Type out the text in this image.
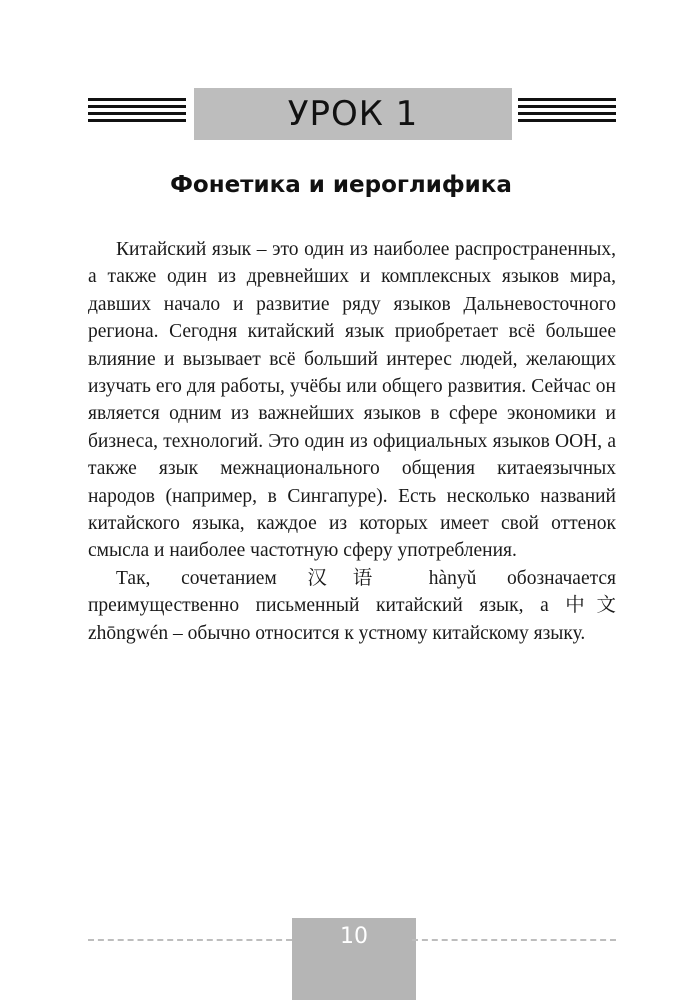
УРОК 1
Фонетика и иероглифика

Китайский язык – это один из наиболее распространенных, а также один из древнейших и комплексных языков мира, давших начало и развитие ряду языков Дальневосточного региона. Сегодня китайский язык приобретает всё большее влияние и вызывает всё больший интерес людей, желающих изучать его для работы, учёбы или общего развития. Сейчас он является одним из важнейших языков в сфере экономики и бизнеса, технологий. Это один из официальных языков ООН, а также язык межнационального общения китаеязычных народов (например, в Сингапуре). Есть несколько названий китайского языка, каждое из которых имеет свой оттенок смысла и наиболее частотную сферу употребления.

Так, сочетанием 汉语 hànyǔ обозначается преимущественно письменный китайский язык, а 中文 zhōngwén – обычно относится к устному китайскому языку.

10
